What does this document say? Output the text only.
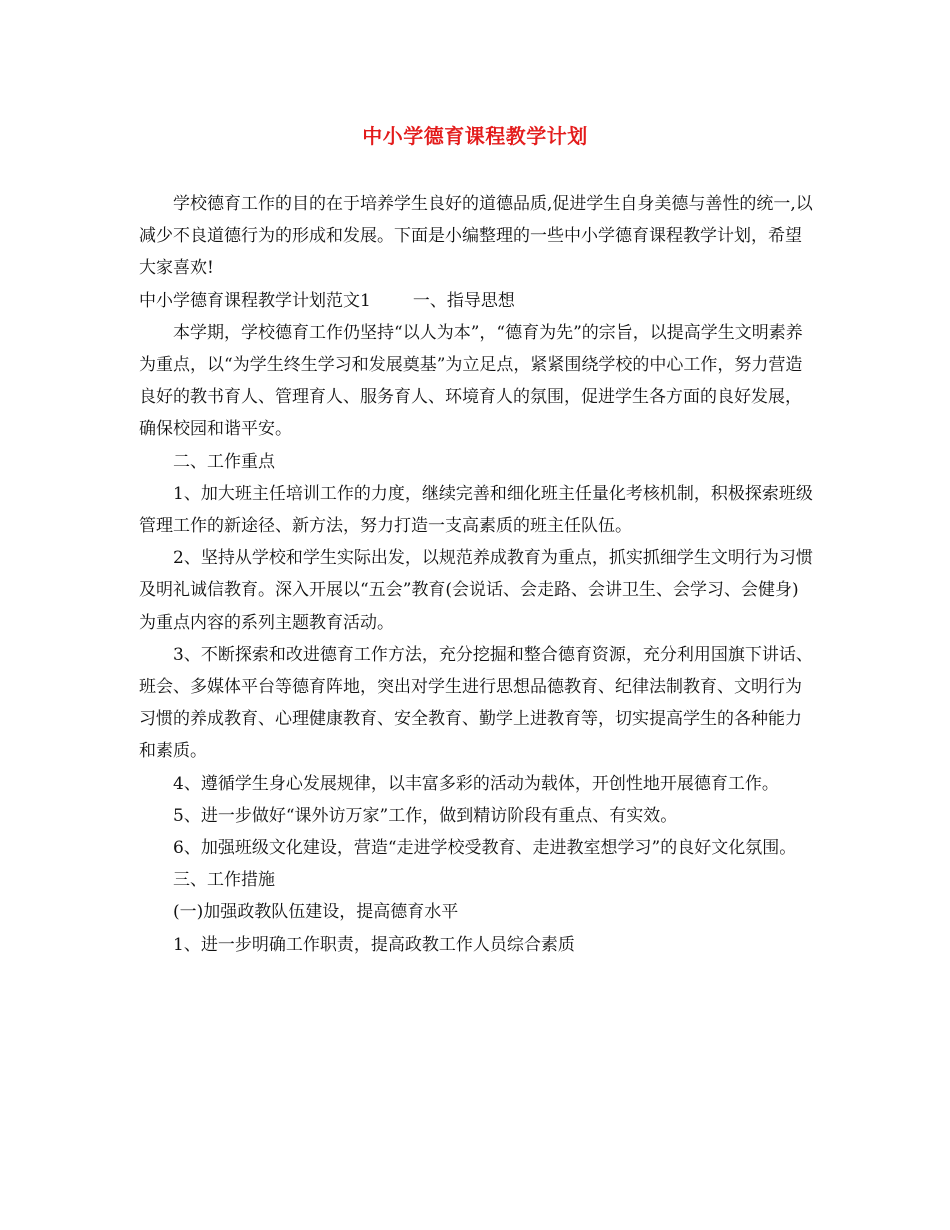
中小学德育课程教学计划

学校德育工作的目的在于培养学生良好的道德品质,促进学生自身美德与善性的统一,以减少不良道德行为的形成和发展。下面是小编整理的一些中小学德育课程教学计划，希望大家喜欢!

中小学德育课程教学计划范文1 一、指导思想

本学期，学校德育工作仍坚持“以人为本”，“德育为先”的宗旨，以提高学生文明素养为重点，以“为学生终生学习和发展奠基”为立足点，紧紧围绕学校的中心工作，努力营造良好的教书育人、管理育人、服务育人、环境育人的氛围，促进学生各方面的良好发展，确保校园和谐平安。

二、工作重点

1、加大班主任培训工作的力度，继续完善和细化班主任量化考核机制，积极探索班级管理工作的新途径、新方法，努力打造一支高素质的班主任队伍。

2、坚持从学校和学生实际出发，以规范养成教育为重点，抓实抓细学生文明行为习惯及明礼诚信教育。深入开展以“五会”教育(会说话、会走路、会讲卫生、会学习、会健身)为重点内容的系列主题教育活动。

3、不断探索和改进德育工作方法，充分挖掘和整合德育资源，充分利用国旗下讲话、班会、多媒体平台等德育阵地，突出对学生进行思想品德教育、纪律法制教育、文明行为习惯的养成教育、心理健康教育、安全教育、勤学上进教育等，切实提高学生的各种能力和素质。

4、遵循学生身心发展规律，以丰富多彩的活动为载体，开创性地开展德育工作。

5、进一步做好“课外访万家”工作，做到精访阶段有重点、有实效。

6、加强班级文化建设，营造“走进学校受教育、走进教室想学习”的良好文化氛围。

三、工作措施

(一)加强政教队伍建设，提高德育水平

1、进一步明确工作职责，提高政教工作人员综合素质
